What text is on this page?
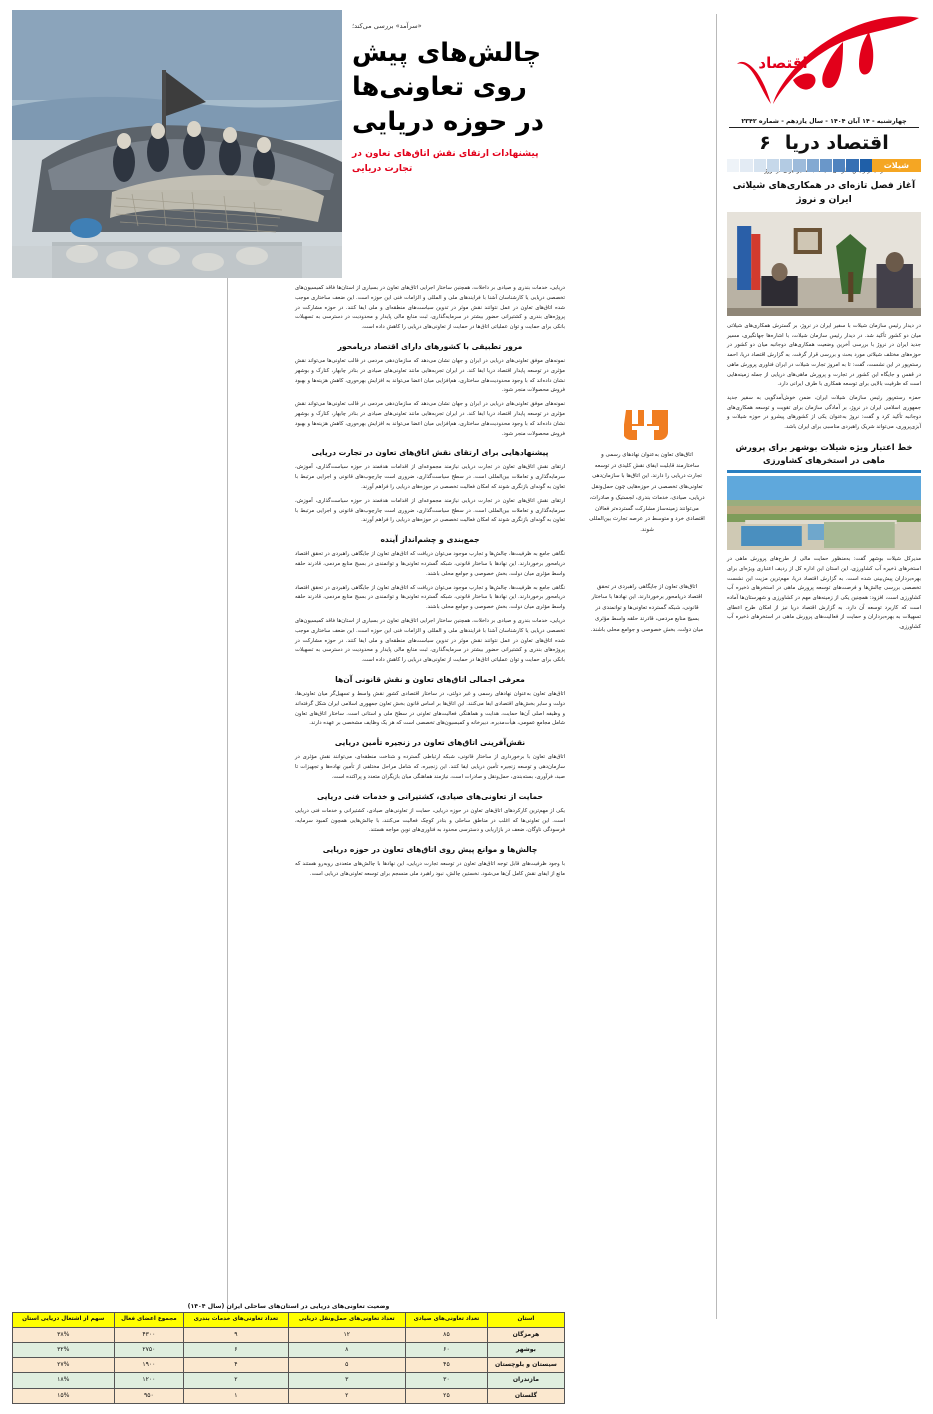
اقتصاد
چهارشنبه - ۱۴ آبان ۱۴۰۴ - سال یازدهم - شماره ۲۳۴۲
اقتصاد دریا
۶
شیلات
آغاز فصل تازه‌ای در همکاری‌های شیلاتی ایران و نروژ

در دیدار رئیس سازمان شیلات با سفیر ایران در نروژ، بر گسترش همکاری‌های شیلاتی میان دو کشور تأکید شد. در دیدار رئیس سازمان شیلات، با اشاره‌ها جهانگیری، مسیر جدید ایران در نروژ با بررسی آخرین وضعیت همکاری‌های دوجانبه میان دو کشور در حوزه‌های مختلف شیلاتی مورد بحث و بررسی قرار گرفت. به گزارش اقتصاد دریا، احمد رستم‌پور در این نشست، گفت: تا به امروز تجارت شیلات در ایران فناوری پرورش ماهی در قفس و جایگاه این کشور در تجارت و پرورش ماهی‌های دریایی از جمله زمینه‌هایی است که ظرفیت بالایی برای توسعه همکاری با طرف ایرانی دارد.

حمزه رستم‌پور رئیس سازمان شیلات ایران، ضمن خوش‌آمدگویی به سفیر جدید جمهوری اسلامی ایران در نروژ، بر آمادگی سازمان برای تقویت و توسعه همکاری‌های دوجانبه تأکید کرد و گفت: نروژ به‌عنوان یکی از کشورهای پیشرو در حوزه شیلات و آبزی‌پروری، می‌تواند شریک راهبردی مناسبی برای ایران باشد.

خط اعتبار ویژه شیلات بوشهر برای پرورش ماهی در استخرهای کشاورزی

مدیرکل شیلات بوشهر گفت: به‌منظور حمایت مالی از طرح‌های پرورش ماهی در استخرهای ذخیره آب کشاورزی، این استان این اداره کل از ردیف اعتباری ویژه‌ای برای بهره‌برداران پیش‌بینی شده است. به گزارش اقتصاد دریا، مهم‌ترین مزیت این نشست تخصصی بررسی چالش‌ها و فرصت‌های توسعه پرورش ماهی در استخرهای ذخیره آب کشاورزی است، افزود: همچنین یکی از زمینه‌های مهم در کشاورزی و شهرستان‌ها آماده است که کاربرد توسعه آن دارد. به گزارش اقتصاد دریا نیز از امکان طرح اعطای تسهیلات به بهره‌برداران و حمایت از فعالیت‌های پرورش ماهی در استخرهای ذخیره آب کشاورزی.

اتاق‌های تعاون به‌عنوان نهادهای رسمی و ساختارمند قابلیت ایفای نقش کلیدی در توسعه تجارت دریایی را دارند. این اتاق‌ها با سازمان‌دهی تعاونی‌های تخصصی در حوزه‌هایی چون حمل‌ونقل دریایی، صیادی، خدمات بندری، لجستیک و صادرات، می‌توانند زمینه‌ساز مشارکت گسترده‌تر فعالان اقتصادی خرد و متوسط در عرصه تجارت بین‌المللی شوند.
اتاق‌های تعاون از جایگاهی راهبردی در تحقق اقتصاد دریامحور برخوردارند. این نهادها با ساختار قانونی، شبکه گسترده تعاونی‌ها و توانمندی در بسیج منابع مردمی، قادرند حلقه واسط مؤثری میان دولت، بخش خصوصی و جوامع محلی باشند.
«سرآمد» بررسی می‌کند؛
چالش‌های پیش روی تعاونی‌ها
در حوزه دریایی
پیشنهادات ارتقای نقش اتاق‌های تعاون در تجارت دریایی

دریایی، خدمات بندری و صیادی بر داخلات، همچنین ساختار اجرایی اتاق‌های تعاون در بسیاری از استان‌ها فاقد کمیسیون‌های تخصصی دریایی یا کارشناسان آشنا با فرایندهای ملی و المللی و الزامات فنی این حوزه است. این ضعف ساختاری موجب شده اتاق‌های تعاون در عمل نتوانند نقش موثر در تدوین سیاست‌های منطقه‌ای و ملی ایفا کنند. در حوزه مشارکت در پروژه‌های بندری و کشتیرانی حضور بیشتر در سرمایه‌گذاری، ثبت منابع مالی پایدار و محدودیت در دسترسی به تسهیلات بانکی برای حمایت و توان عملیاتی اتاق‌ها در حمایت از تعاونی‌های دریایی را کاهش داده است.

مرور تطبیقی با کشورهای دارای اقتصاد دریامحور

نمونه‌های موفق تعاونی‌های دریایی در ایران و جهان نشان می‌دهد که سازمان‌دهی مردمی در قالب تعاونی‌ها می‌تواند نقش مؤثری در توسعه پایدار اقتصاد دریا ایفا کند. در ایران تجربه‌هایی مانند تعاونی‌های صیادی در بنادر چابهار، کنارک و بوشهر نشان داده‌اند که با وجود محدودیت‌های ساختاری، هم‌افزایی میان اعضا می‌تواند به افزایش بهره‌وری، کاهش هزینه‌ها و بهبود فروش محصولات منجر شود.

نمونه‌های موفق تعاونی‌های دریایی در ایران و جهان نشان می‌دهد که سازمان‌دهی مردمی در قالب تعاونی‌ها می‌تواند نقش مؤثری در توسعه پایدار اقتصاد دریا ایفا کند. در ایران تجربه‌هایی مانند تعاونی‌های صیادی در بنادر چابهار، کنارک و بوشهر نشان داده‌اند که با وجود محدودیت‌های ساختاری، هم‌افزایی میان اعضا می‌تواند به افزایش بهره‌وری، کاهش هزینه‌ها و بهبود فروش محصولات منجر شود.

پیشنهادهایی برای ارتقای نقش اتاق‌های تعاون در تجارت دریایی

ارتقای نقش اتاق‌های تعاون در تجارت دریایی نیازمند مجموعه‌ای از اقدامات هدفمند در حوزه سیاست‌گذاری، آموزش، سرمایه‌گذاری و تعاملات بین‌المللی است. در سطح سیاست‌گذاری، ضروری است چارچوب‌های قانونی و اجرایی مرتبط با تعاون به گونه‌ای بازنگری شوند که امکان فعالیت تخصصی در حوزه‌های دریایی را فراهم آورند.

ارتقای نقش اتاق‌های تعاون در تجارت دریایی نیازمند مجموعه‌ای از اقدامات هدفمند در حوزه سیاست‌گذاری، آموزش، سرمایه‌گذاری و تعاملات بین‌المللی است. در سطح سیاست‌گذاری، ضروری است چارچوب‌های قانونی و اجرایی مرتبط با تعاون به گونه‌ای بازنگری شوند که امکان فعالیت تخصصی در حوزه‌های دریایی را فراهم آورند.

جمع‌بندی و چشم‌انداز آینده

نگاهی جامع به ظرفیت‌ها، چالش‌ها و تجارب موجود می‌توان دریافت که اتاق‌های تعاون از جایگاهی راهبردی در تحقق اقتصاد دریامحور برخوردارند. این نهادها با ساختار قانونی، شبکه گسترده تعاونی‌ها و توانمندی در بسیج منابع مردمی، قادرند حلقه واسط مؤثری میان دولت، بخش خصوصی و جوامع محلی باشند.

نگاهی جامع به ظرفیت‌ها، چالش‌ها و تجارب موجود می‌توان دریافت که اتاق‌های تعاون از جایگاهی راهبردی در تحقق اقتصاد دریامحور برخوردارند. این نهادها با ساختار قانونی، شبکه گسترده تعاونی‌ها و توانمندی در بسیج منابع مردمی، قادرند حلقه واسط مؤثری میان دولت، بخش خصوصی و جوامع محلی باشند.

دریایی، خدمات بندری و صیادی بر داخلات، همچنین ساختار اجرایی اتاق‌های تعاون در بسیاری از استان‌ها فاقد کمیسیون‌های تخصصی دریایی یا کارشناسان آشنا با فرایندهای ملی و المللی و الزامات فنی این حوزه است. این ضعف ساختاری موجب شده اتاق‌های تعاون در عمل نتوانند نقش موثر در تدوین سیاست‌های منطقه‌ای و ملی ایفا کنند. در حوزه مشارکت در پروژه‌های بندری و کشتیرانی حضور بیشتر در سرمایه‌گذاری، ثبت منابع مالی پایدار و محدودیت در دسترسی به تسهیلات بانکی برای حمایت و توان عملیاتی اتاق‌ها در حمایت از تعاونی‌های دریایی را کاهش داده است.

معرفی اجمالی اتاق‌های تعاون و نقش قانونی آن‌ها

اتاق‌های تعاون به‌عنوان نهادهای رسمی و غیر دولتی، در ساختار اقتصادی کشور نقش واسط و تسهیل‌گر میان تعاونی‌ها، دولت و سایر بخش‌های اقتصادی ایفا می‌کنند. این اتاق‌ها بر اساس قانون بخش تعاون جمهوری اسلامی ایران شکل گرفته‌اند و وظیفه اصلی آن‌ها حمایت، هدایت و هماهنگی فعالیت‌های تعاونی در سطح ملی و استانی است. ساختار اتاق‌های تعاون شامل مجامع عمومی، هیأت‌مدیره، دبیرخانه و کمیسیون‌های تخصصی است که هر یک وظایف مشخصی بر عهده دارند.

نقش‌آفرینی اتاق‌های تعاون در زنجیره تأمین دریایی

اتاق‌های تعاون با برخورداری از ساختار قانونی، شبکه ارتباطی گسترده و شناخت منطقه‌ای، می‌توانند نقش مؤثری در سازمان‌دهی و توسعه زنجیره تأمین دریایی ایفا کنند. این زنجیره، که شامل مراحل مختلفی از تأمین نهاده‌ها و تجهیزات تا صید، فرآوری، بسته‌بندی، حمل‌ونقل و صادرات است، نیازمند هماهنگی میان بازیگران متعدد و پراکنده است.

حمایت از تعاونی‌های صیادی، کشتیرانی و خدمات فنی دریایی

یکی از مهم‌ترین کارکردهای اتاق‌های تعاون در حوزه دریایی، حمایت از تعاونی‌های صیادی، کشتیرانی و خدمات فنی دریایی است. این تعاونی‌ها که اغلب در مناطق ساحلی و بنادر کوچک فعالیت می‌کنند، با چالش‌هایی همچون کمبود سرمایه، فرسودگی ناوگان، ضعف در بازاریابی و دسترسی محدود به فناوری‌های نوین مواجه هستند.

چالش‌ها و موانع پیش روی اتاق‌های تعاون در حوزه دریایی

با وجود ظرفیت‌های قابل توجه اتاق‌های تعاون در توسعه تجارت دریایی، این نهادها با چالش‌های متعددی روبه‌رو هستند که مانع از ایفای نقش کامل آن‌ها می‌شود. نخستین چالش، نبود راهبرد ملی منسجم برای توسعه تعاونی‌های دریایی است.

وضعیت تعاونی‌های دریایی در استان‌های ساحلی ایران (سال ۱۴۰۴)
استان	تعداد تعاونی‌های صیادی	تعداد تعاونی‌های حمل‌ونقل دریایی	تعداد تعاونی‌های خدمات بندری	مجموع اعضای فعال	سهم از اشتغال دریایی استان
هرمزگان	۸۵	۱۲	۹	۴۳۰۰	۳۸%
بوشهر	۶۰	۸	۶	۲۷۵۰	۳۲%
سیستان و بلوچستان	۴۵	۵	۴	۱۹۰۰	۲۷%
مازندران	۳۰	۳	۲	۱۲۰۰	۱۸%
گلستان	۲۵	۲	۱	۹۵۰	۱۵%
